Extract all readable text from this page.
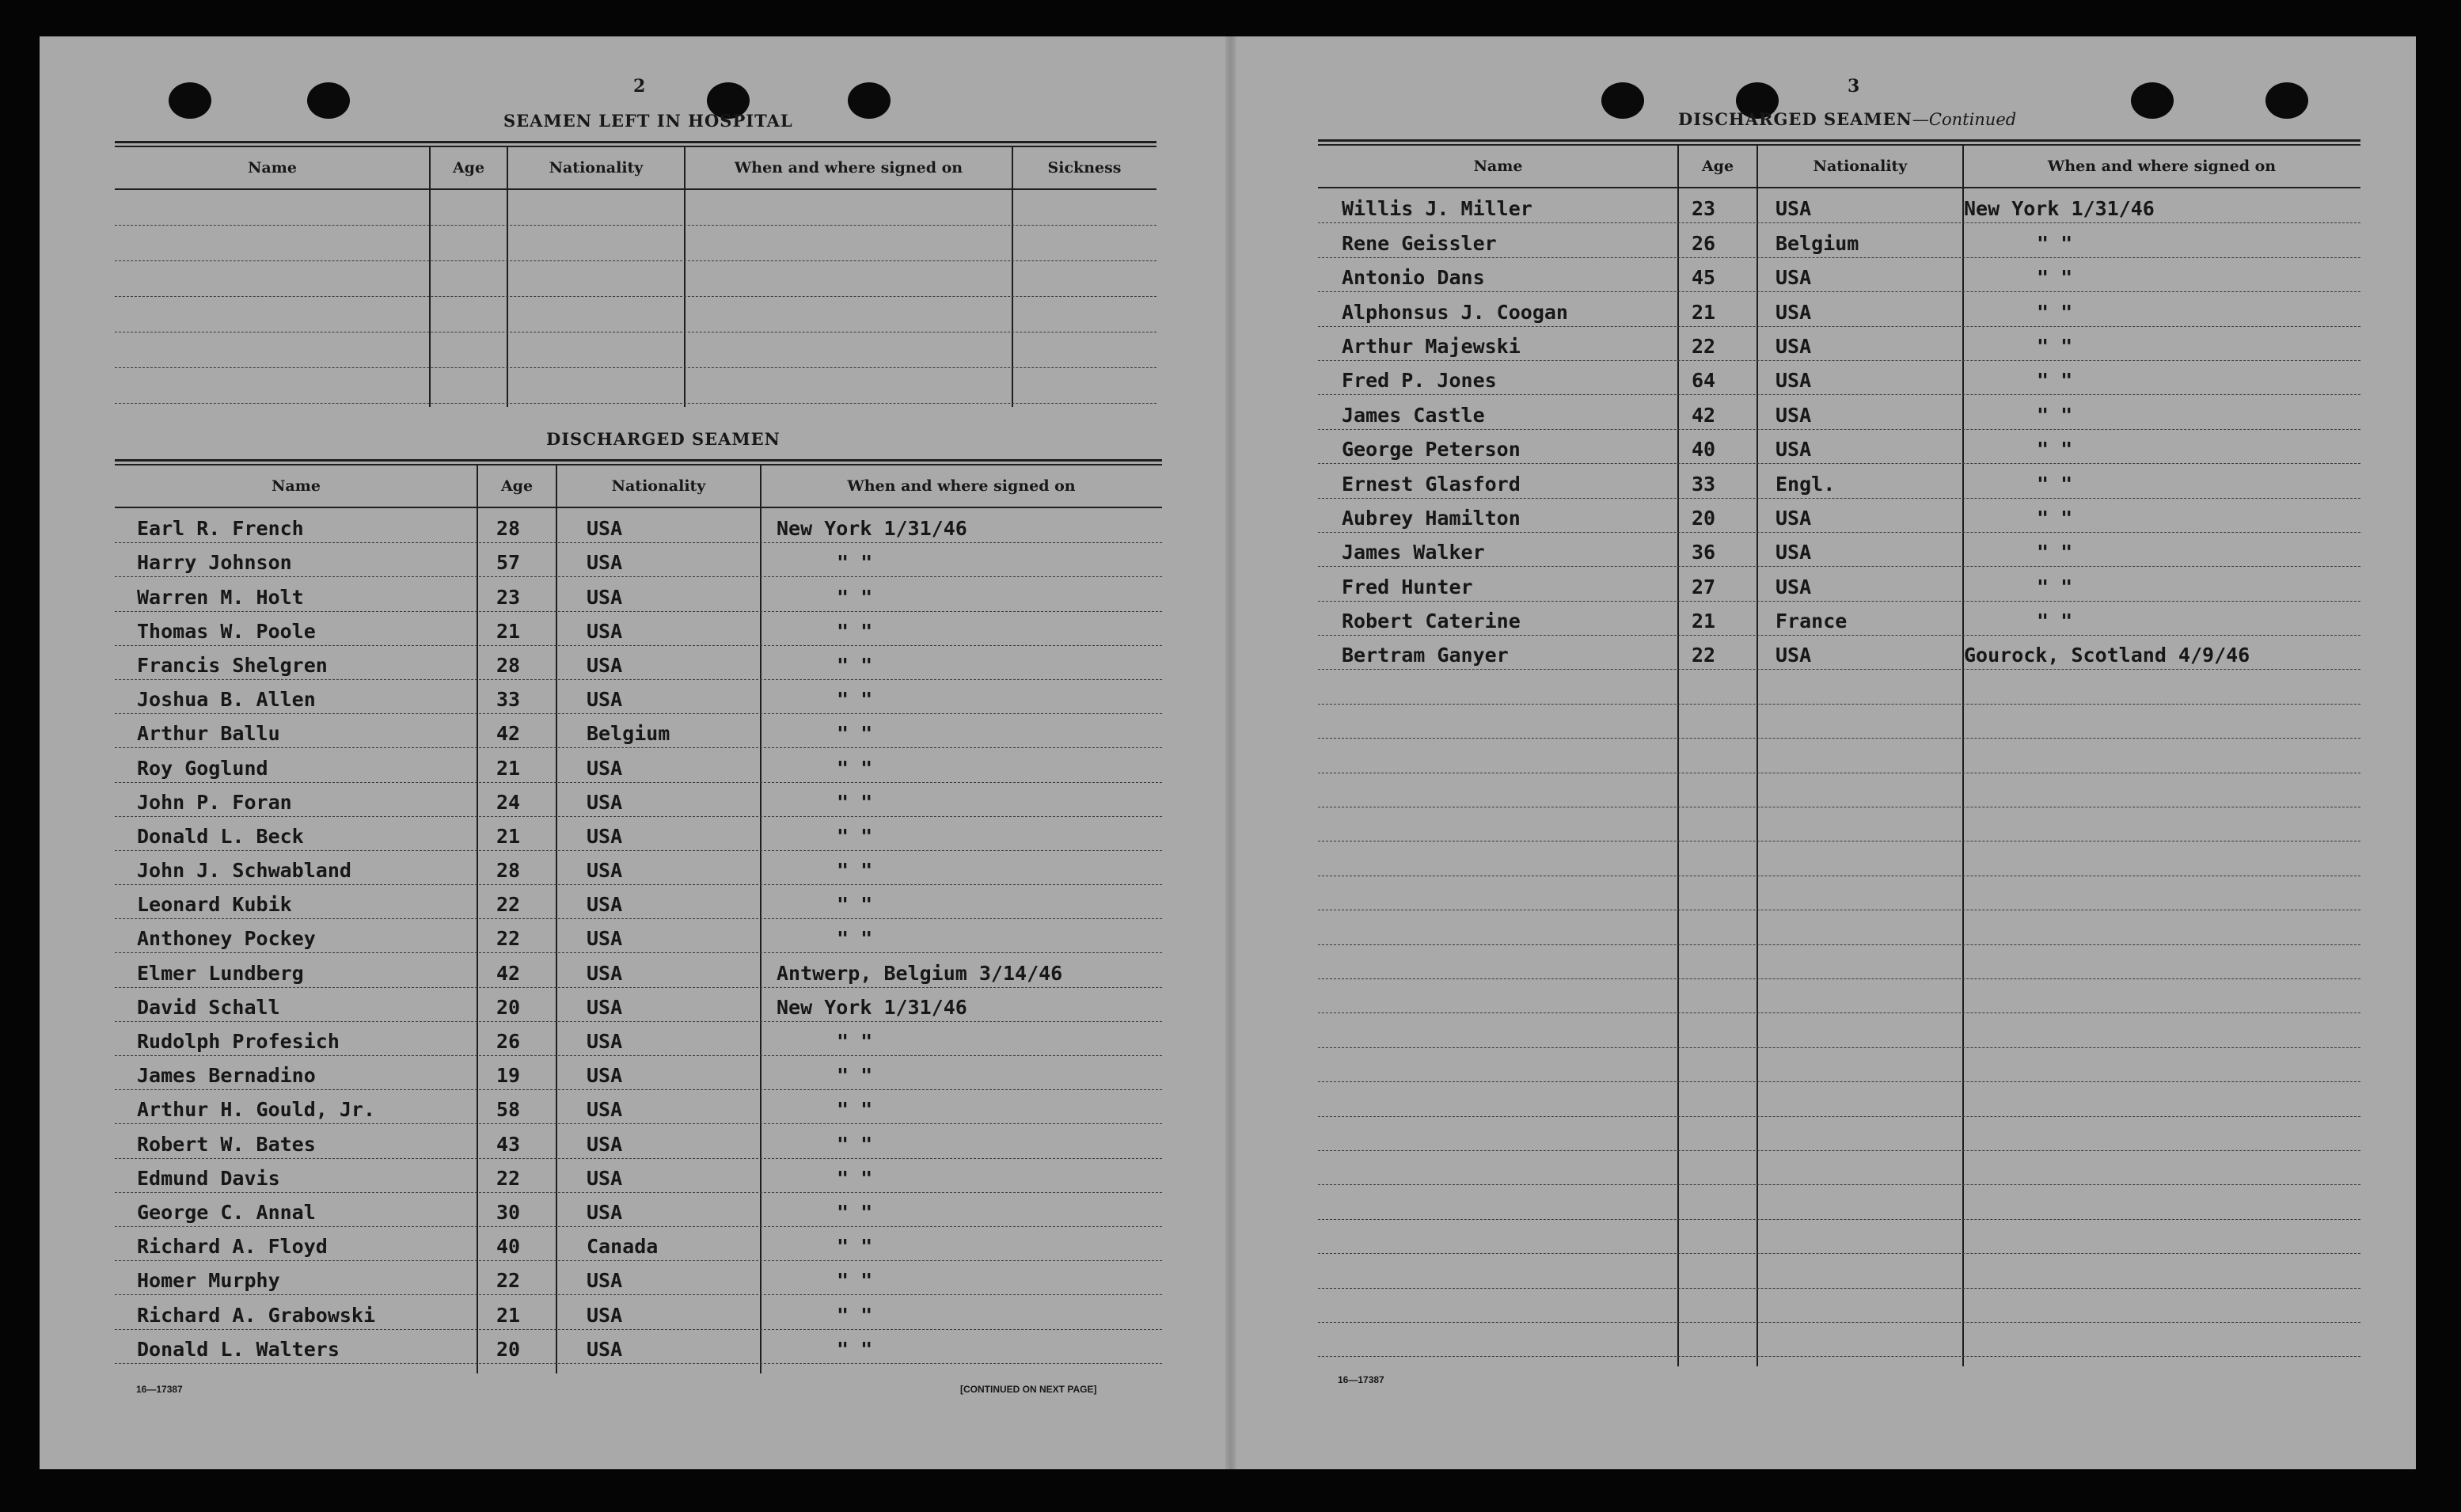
2
SEAMEN LEFT IN HOSPITAL
Name	Age	Nationality	When and where signed on	Sickness
DISCHARGED SEAMEN
Name	Age	Nationality	When and where signed on
Earl R. French	28	USA	New York 1/31/46
Harry Johnson	57	USA	" "
Warren M. Holt	23	USA	" "
Thomas W. Poole	21	USA	" "
Francis Shelgren	28	USA	" "
Joshua B. Allen	33	USA	" "
Arthur Ballu	42	Belgium	" "
Roy Goglund	21	USA	" "
John P. Foran	24	USA	" "
Donald L. Beck	21	USA	" "
John J. Schwabland	28	USA	" "
Leonard Kubik	22	USA	" "
Anthoney Pockey	22	USA	" "
Elmer Lundberg	42	USA	Antwerp, Belgium 3/14/46
David Schall	20	USA	New York 1/31/46
Rudolph Profesich	26	USA	" "
James Bernadino	19	USA	" "
Arthur H. Gould, Jr.	58	USA	" "
Robert W. Bates	43	USA	" "
Edmund Davis	22	USA	" "
George C. Annal	30	USA	" "
Richard A. Floyd	40	Canada	" "
Homer Murphy	22	USA	" "
Richard A. Grabowski	21	USA	" "
Donald L. Walters	20	USA	" "
16—17387	[CONTINUED ON NEXT PAGE]
3
DISCHARGED SEAMEN—Continued
Name	Age	Nationality	When and where signed on
Willis J. Miller	23	USA	New York 1/31/46
Rene Geissler	26	Belgium	" "
Antonio Dans	45	USA	" "
Alphonsus J. Coogan	21	USA	" "
Arthur Majewski	22	USA	" "
Fred P. Jones	64	USA	" "
James Castle	42	USA	" "
George Peterson	40	USA	" "
Ernest Glasford	33	Engl.	" "
Aubrey Hamilton	20	USA	" "
James Walker	36	USA	" "
Fred Hunter	27	USA	" "
Robert Caterine	21	France	" "
Bertram Ganyer	22	USA	Gourock, Scotland 4/9/46
16—17387
